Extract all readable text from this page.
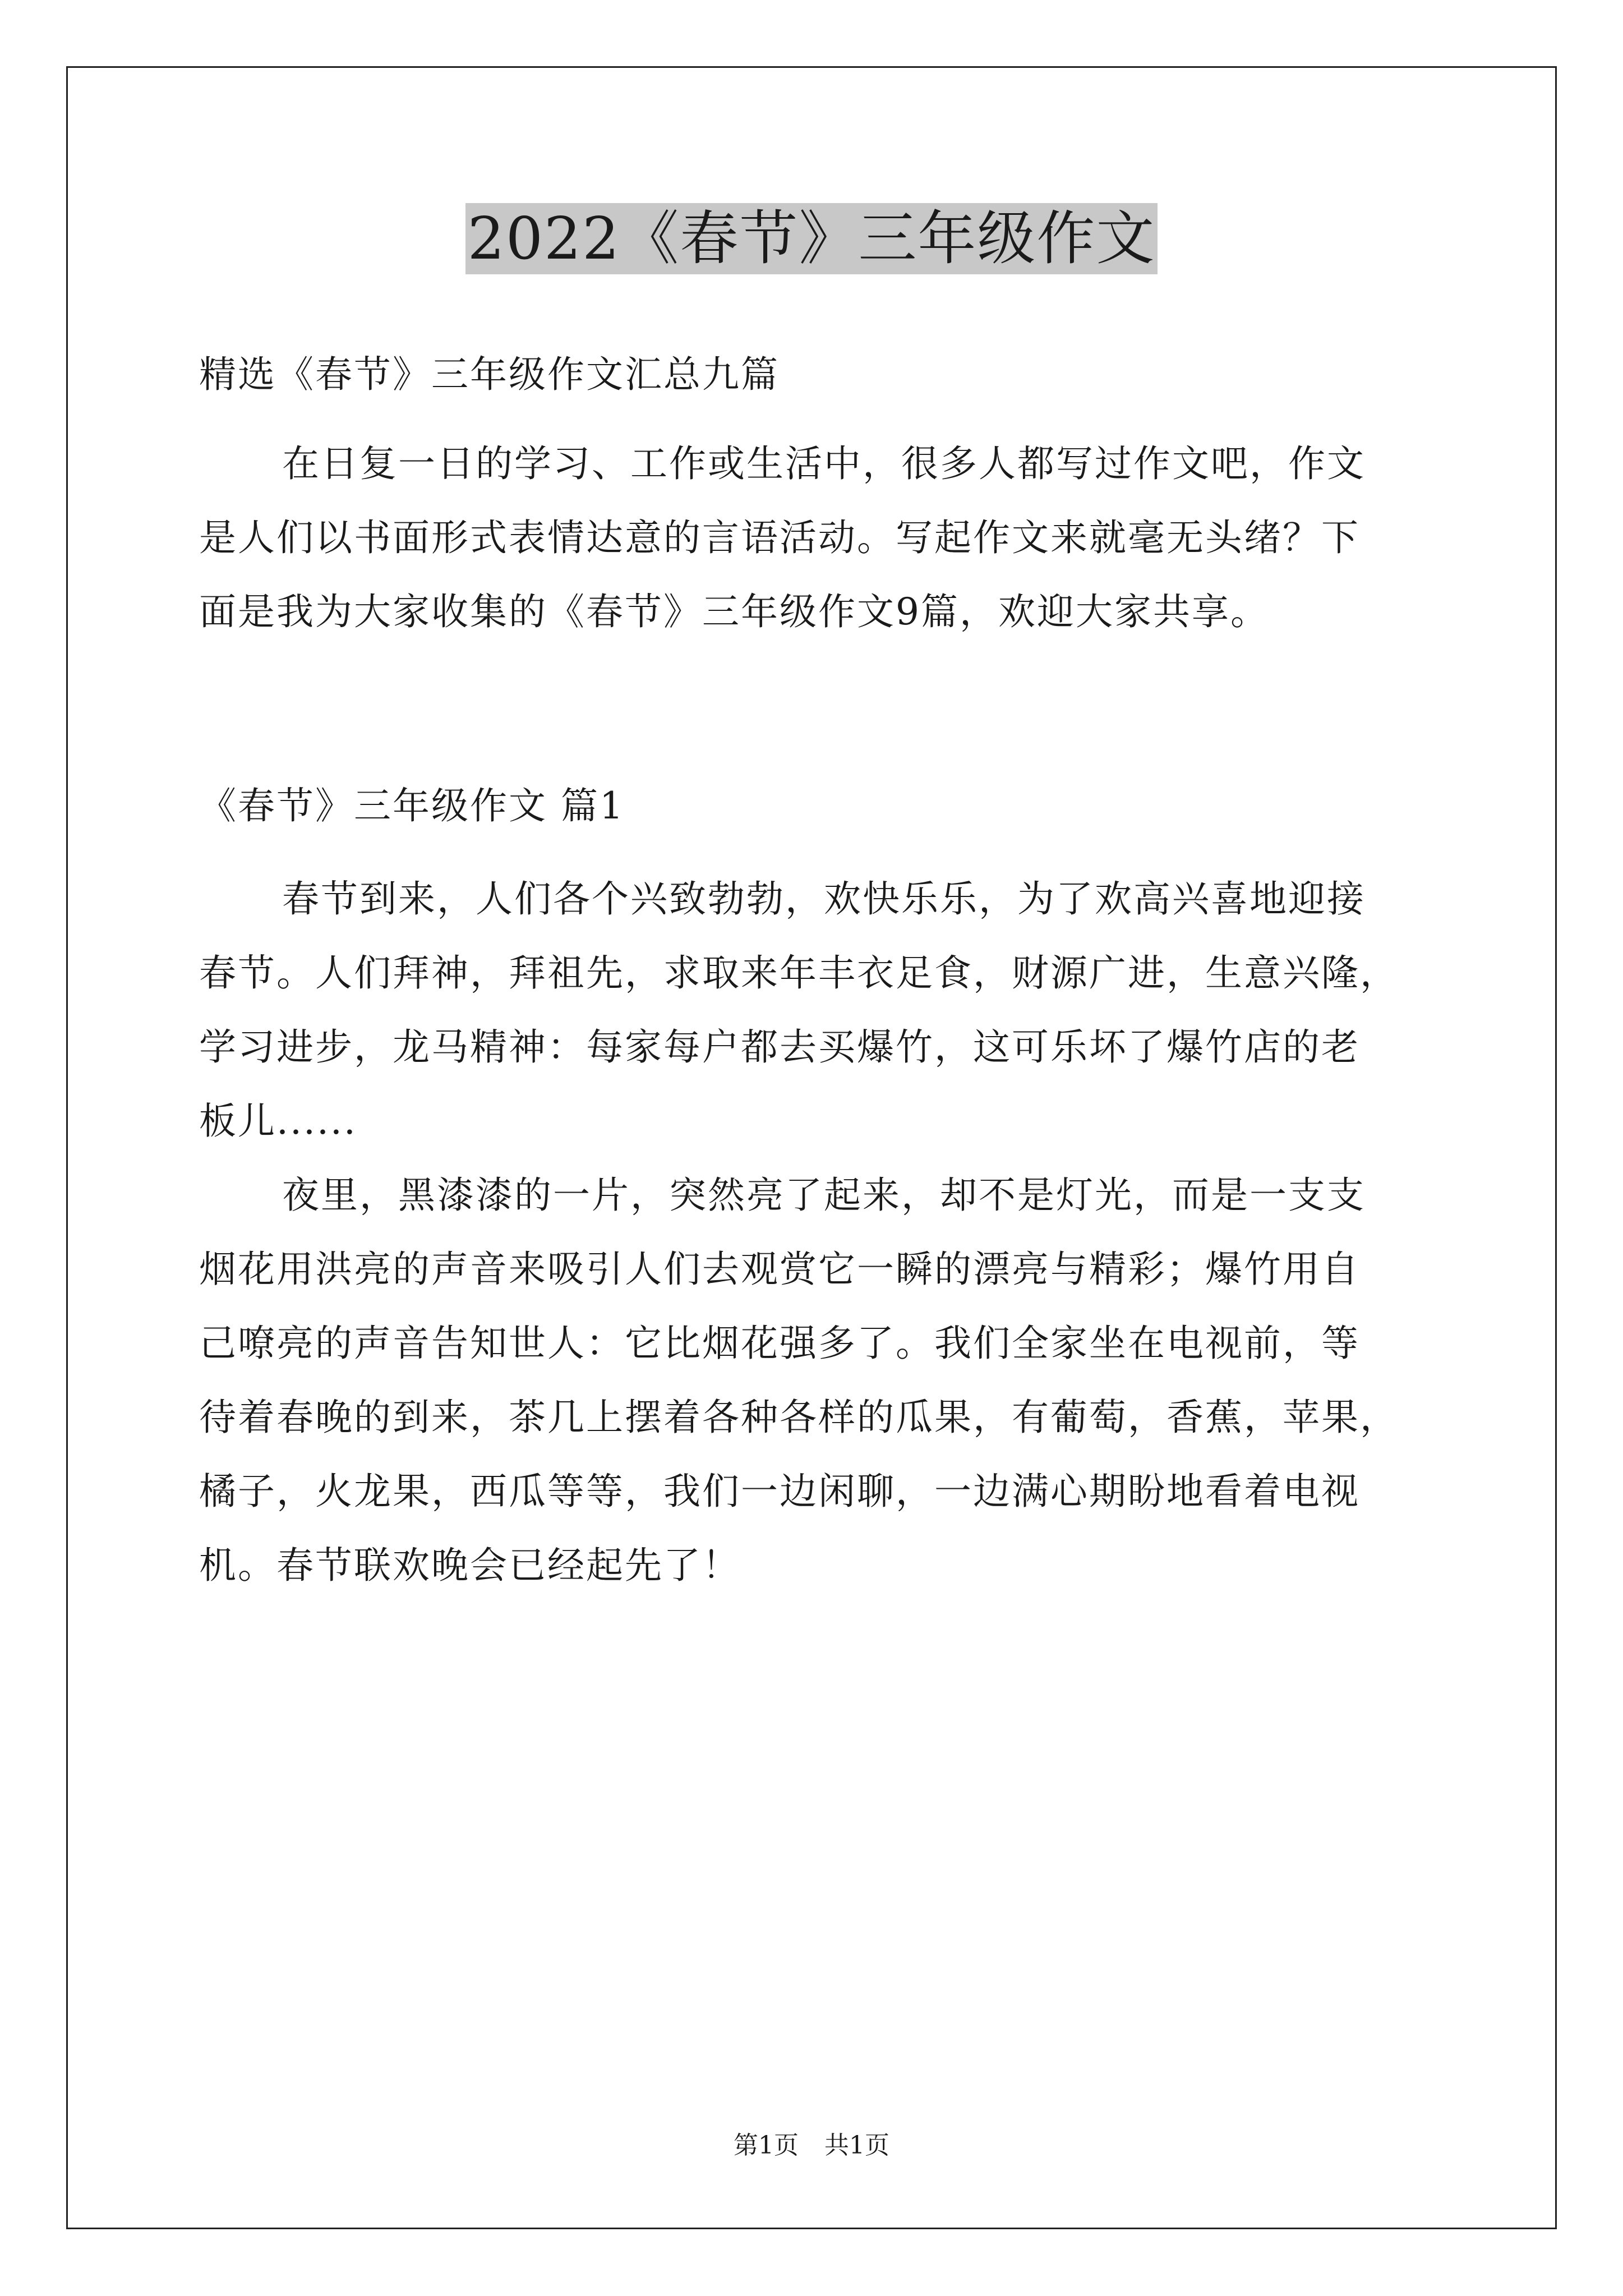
2022《春节》三年级作文
精选《春节》三年级作文汇总九篇
在日复一日的学习、工作或生活中，很多人都写过作文吧，作文
是人们以书面形式表情达意的言语活动。写起作文来就毫无头绪？下
面是我为大家收集的《春节》三年级作文9篇，欢迎大家共享。
《春节》三年级作文 篇1
春节到来，人们各个兴致勃勃，欢快乐乐，为了欢高兴喜地迎接
春节。人们拜神，拜祖先，求取来年丰衣足食，财源广进，生意兴隆，
学习进步，龙马精神：每家每户都去买爆竹，这可乐坏了爆竹店的老
板儿......
夜里，黑漆漆的一片，突然亮了起来，却不是灯光，而是一支支
烟花用洪亮的声音来吸引人们去观赏它一瞬的漂亮与精彩；爆竹用自
己嘹亮的声音告知世人：它比烟花强多了。我们全家坐在电视前，等
待着春晚的到来，茶几上摆着各种各样的瓜果，有葡萄，香蕉，苹果，
橘子，火龙果，西瓜等等，我们一边闲聊，一边满心期盼地看着电视
机。春节联欢晚会已经起先了！
第1页 共1页
